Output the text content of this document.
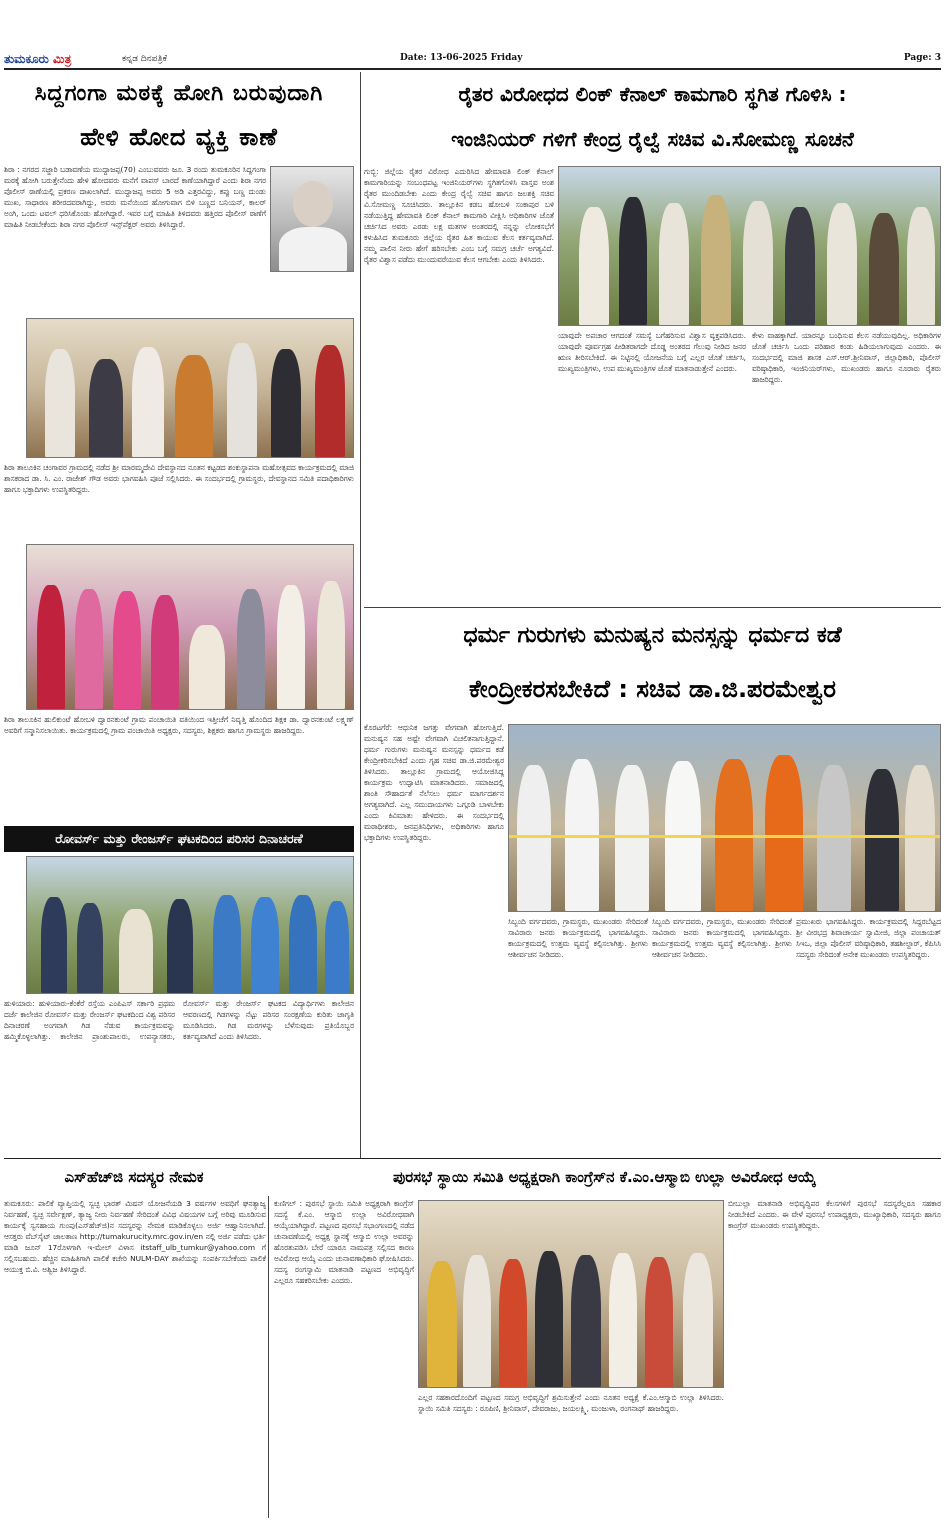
ತುಮಕೂರು ಮಿತ್ರ	ಕನ್ನಡ ದಿನಪತ್ರಿಕೆ	Date: 13-06-2025 Friday	Page: 3
ಸಿದ್ದಗಂಗಾ ಮಠಕ್ಕೆ ಹೋಗಿ ಬರುವುದಾಗಿ
ಹೇಳಿ ಹೋದ ವ್ಯಕ್ತಿ ಕಾಣೆ
ಶಿರಾ : ನಗರದ ಸಜ್ಜಾರಿ ಬಡಾವಣೆಯ ಮುದ್ದಾಜಪ್ಪ(70) ಎಂಬುವವರು ಜೂ. 3 ರಂದು ತುಮಕೂರಿನ ಸಿದ್ದಗಂಗಾ ಮಠಕ್ಕೆ ಹೋಗಿ ಬರುತ್ತೇನೆಂದು ಹೇಳಿ ಹೋದವರು ಮನೆಗೆ ವಾಪಸ್ ಬಾರದೆ ಕಾಣೆಯಾಗಿದ್ದಾರೆ ಎಂದು ಶಿರಾ ನಗರ ಪೊಲೀಸ್ ಠಾಣೆಯಲ್ಲಿ ಪ್ರಕರಣ ದಾಖಲಾಗಿದೆ. ಮುದ್ದಾಜಪ್ಪ ಅವರು 5 ಅಡಿ ಎತ್ತರವಿದ್ದು, ಕಪ್ಪು ಬಣ್ಣ ದುಂಡು ಮುಖ, ಸಾಧಾರಣ ಶರೀರದವರಾಗಿದ್ದು, ಅವರು ಮನೆಯಿಂದ ಹೋಗುವಾಗ ಬಿಳಿ ಬಣ್ಣದ ಬನಿಯನ್, ಕಾಲರ್ ಅಂಗಿ, ಒಂದು ಟವಲ್ ಧರಿಸಿಕೊಂಡು ಹೋಗಿದ್ದಾರೆ. ಇವರ ಬಗ್ಗೆ ಮಾಹಿತಿ ತಿಳಿದವರು ಹತ್ತಿರದ ಪೊಲೀಸ್ ಠಾಣೆಗೆ ಮಾಹಿತಿ ನೀಡಬೇಕೆಂದು ಶಿರಾ ನಗರ ಪೊಲೀಸ್ ಇನ್ಸ್‌ಪೆಕ್ಟರ್ ಅವರು ತಿಳಿಸಿದ್ದಾರೆ.
ಶಿರಾ ತಾಲೂಕಿನ ಚಂಗಾವರ ಗ್ರಾಮದಲ್ಲಿ ನಡೆದ ಶ್ರೀ ಮಾರಮ್ಮದೇವಿ ದೇವಸ್ಥಾನದ ನೂತನ ಕಟ್ಟಡದ ಶಂಕುಸ್ಥಾಪನಾ ಮಹೋತ್ಸವದ ಕಾರ್ಯಕ್ರಮದಲ್ಲಿ ಮಾಜಿ ಶಾಸಕರಾದ ಡಾ. ಸಿ. ಎಂ. ರಾಜೇಶ್ ಗೌಡ ಅವರು ಭಾಗವಹಿಸಿ ಪೂಜೆ ಸಲ್ಲಿಸಿದರು. ಈ ಸಂದರ್ಭದಲ್ಲಿ ಗ್ರಾಮಸ್ಥರು, ದೇವಸ್ಥಾನದ ಸಮಿತಿ ಪದಾಧಿಕಾರಿಗಳು ಹಾಗೂ ಭಕ್ತಾದಿಗಳು ಉಪಸ್ಥಿತರಿದ್ದರು.
ಶಿರಾ ತಾಲೂಕಿನ ಹುಲಿಕುಂಟೆ ಹೋಬಳಿ ದ್ವಾರನಕುಂಟೆ ಗ್ರಾಮ ಪಂಚಾಯಿತಿ ವತಿಯಿಂದ ಇತ್ತೀಚೆಗೆ ನಿವೃತ್ತಿ ಹೊಂದಿದ ಶಿಕ್ಷಕ ಡಾ. ದ್ವಾರನಕುಂಟೆ ಲಕ್ಷ್ಮಣ್ ಅವರಿಗೆ ಸನ್ಮಾನಿಸಲಾಯಿತು. ಕಾರ್ಯಕ್ರಮದಲ್ಲಿ ಗ್ರಾಮ ಪಂಚಾಯಿತಿ ಅಧ್ಯಕ್ಷರು, ಸದಸ್ಯರು, ಶಿಕ್ಷಕರು ಹಾಗೂ ಗ್ರಾಮಸ್ಥರು ಹಾಜರಿದ್ದರು.
ರೋವರ್ಸ್ ಮತ್ತು ರೇಂಜರ್ಸ್ ಘಟಕದಿಂದ ಪರಿಸರ ದಿನಾಚರಣೆ
ಹುಳಿಯಾರು: ಹುಳಿಯಾರು-ಕೆಂಕೆರೆ ರಸ್ತೆಯ ಎಂಪಿಎಸ್ ಸರ್ಕಾರಿ ಪ್ರಥಮ ದರ್ಜೆ ಕಾಲೇಜಿನ ರೋವರ್ಸ್ ಮತ್ತು ರೇಂಜರ್ಸ್ ಘಟಕದಿಂದ ವಿಶ್ವ ಪರಿಸರ ದಿನಾಚರಣೆ ಅಂಗವಾಗಿ ಗಿಡ ನೆಡುವ ಕಾರ್ಯಕ್ರಮವನ್ನು ಹಮ್ಮಿಕೊಳ್ಳಲಾಗಿತ್ತು. ಕಾಲೇಜಿನ ಪ್ರಾಂಶುಪಾಲರು, ಉಪನ್ಯಾಸಕರು, ರೋವರ್ಸ್ ಮತ್ತು ರೇಂಜರ್ಸ್ ಘಟಕದ ವಿದ್ಯಾರ್ಥಿಗಳು ಕಾಲೇಜಿನ ಆವರಣದಲ್ಲಿ ಗಿಡಗಳನ್ನು ನೆಟ್ಟು ಪರಿಸರ ಸಂರಕ್ಷಣೆಯ ಕುರಿತು ಜಾಗೃತಿ ಮೂಡಿಸಿದರು. ಗಿಡ ಮರಗಳನ್ನು ಬೆಳೆಸುವುದು ಪ್ರತಿಯೊಬ್ಬರ ಕರ್ತವ್ಯವಾಗಿದೆ ಎಂದು ತಿಳಿಸಿದರು.
ರೈತರ ವಿರೋಧದ ಲಿಂಕ್ ಕೆನಾಲ್ ಕಾಮಗಾರಿ ಸ್ಥಗಿತ ಗೊಳಿಸಿ :
ಇಂಜಿನಿಯರ್ ಗಳಿಗೆ ಕೇಂದ್ರ ರೈಲ್ವೆ ಸಚಿವ ವಿ.ಸೋಮಣ್ಣ ಸೂಚನೆ
ಗುಬ್ಬಿ: ಜಿಲ್ಲೆಯ ರೈತರ ವಿರೋಧ ಎದುರಿಸಿದ ಹೇಮಾವತಿ ಲಿಂಕ್ ಕೆನಾಲ್ ಕಾಮಗಾರಿಯನ್ನು ಸಂಬಂಧಪಟ್ಟ ಇಂಜಿನಿಯರ್‌ಗಳು ಸ್ಥಗಿತಗೊಳಿಸಿ ವಾಸ್ತವ ಅಂಶ ರೈತರ ಮುಂದಿಡಬೇಕು ಎಂದು ಕೇಂದ್ರ ರೈಲ್ವೆ ಸಚಿವ ಹಾಗೂ ಜಲಶಕ್ತಿ ಸಚಿವ ವಿ.ಸೋಮಣ್ಣ ಸೂಚಿಸಿದರು. ತಾಲ್ಲೂಕಿನ ಕಡಬ ಹೋಬಳಿ ಸಂಕಾಪುರ ಬಳಿ ನಡೆಯುತ್ತಿದ್ದ ಹೇಮಾವತಿ ಲಿಂಕ್ ಕೆನಾಲ್ ಕಾಮಗಾರಿ ವೀಕ್ಷಿಸಿ ಅಧಿಕಾರಿಗಳ ಜೊತೆ ಚರ್ಚಿಸಿದ ಅವರು ಎರಡು ಲಕ್ಷ ಮತಗಳ ಅಂತರದಲ್ಲಿ ನನ್ನನ್ನು ಲೋಕಸಭೆಗೆ ಕಳುಹಿಸಿದ ತುಮಕೂರು ಜಿಲ್ಲೆಯ ರೈತರ ಹಿತ ಕಾಯುವ ಕೆಲಸ ಕರ್ತವ್ಯವಾಗಿದೆ. ನಮ್ಮ ಪಾಲಿನ ನೀರು ಹೇಗೆ ಹರಿಸಬೇಕು ಎಂಬ ಬಗ್ಗೆ ಸಮಗ್ರ ಚರ್ಚೆ ಅಗತ್ಯವಿದೆ. ರೈತರ ವಿಶ್ವಾಸ ಪಡೆದು ಮುಂದುವರೆಯುವ ಕೆಲಸ ಆಗಬೇಕು ಎಂದು ತಿಳಿಸಿದರು.
ಯಾವುದೇ ಅಪಚಾರ ಆಗದಂತೆ ಸಮಸ್ಯೆ ಬಗೆಹರಿಸುವ ವಿಶ್ವಾಸ ವ್ಯಕ್ತಪಡಿಸಿದರು. ಯಾವುದೇ ಪೂರ್ವಗ್ರಹ ಪೀಡಿತರಾಗದೇ ದೊಡ್ಡ ಅಂತರದ ಗೆಲುವು ನೀಡಿದ ಜನರ ಋಣ ತೀರಿಸಬೇಕಿದೆ. ಈ ನಿಟ್ಟಿನಲ್ಲಿ ಯೋಜನೆಯ ಬಗ್ಗೆ ಎಲ್ಲರ ಜೊತೆ ಚರ್ಚಿಸಿ, ಮುಖ್ಯಮಂತ್ರಿಗಳು, ಉಪ ಮುಖ್ಯಮಂತ್ರಿಗಳ ಜೊತೆ ಮಾತನಾಡುತ್ತೇನೆ ಎಂದರು.
ಕೇಳು ವಾಹಕ್ಕಾಗಿದೆ. ಯಾರನ್ನೂ ಬಂಧಿಸುವ ಕೆಲಸ ನಡೆಯುವುದಿಲ್ಲ. ಅಧಿಕಾರಿಗಳ ಜೊತೆ ಚರ್ಚಿಸಿ ಒಂದು ಪರಿಹಾರ ಕಂಡು ಹಿಡಿಯಲಾಗುವುದು ಎಂದರು. ಈ ಸಂದರ್ಭದಲ್ಲಿ ಮಾಜಿ ಶಾಸಕ ಎಸ್.ಆರ್.ಶ್ರೀನಿವಾಸ್, ಜಿಲ್ಲಾಧಿಕಾರಿ, ಪೊಲೀಸ್ ವರಿಷ್ಠಾಧಿಕಾರಿ, ಇಂಜಿನಿಯರ್‌ಗಳು, ಮುಖಂಡರು ಹಾಗೂ ನೂರಾರು ರೈತರು ಹಾಜರಿದ್ದರು.
ಧರ್ಮ ಗುರುಗಳು ಮನುಷ್ಯನ ಮನಸ್ಸನ್ನು ಧರ್ಮದ ಕಡೆ
ಕೇಂದ್ರೀಕರಸಬೇಕಿದೆ : ಸಚಿವ ಡಾ.ಜಿ.ಪರಮೇಶ್ವರ
ಕೊರಟಗೆರೆ: ಆಧುನಿಕ ಜಗತ್ತು ವೇಗವಾಗಿ ಹೋಗುತ್ತಿದೆ. ಮನುಷ್ಯನ ಸಹ ಅಷ್ಟೇ ವೇಗವಾಗಿ ವಿಚಲಿತನಾಗುತ್ತಿದ್ದಾನೆ. ಧರ್ಮ ಗುರುಗಳು ಮನುಷ್ಯನ ಮನಸ್ಸನ್ನು ಧರ್ಮದ ಕಡೆ ಕೇಂದ್ರೀಕರಿಸಬೇಕಿದೆ ಎಂದು ಗೃಹ ಸಚಿವ ಡಾ.ಜಿ.ಪರಮೇಶ್ವರ ತಿಳಿಸಿದರು. ತಾಲ್ಲೂಕಿನ ಗ್ರಾಮದಲ್ಲಿ ಆಯೋಜಿಸಿದ್ದ ಕಾರ್ಯಕ್ರಮ ಉದ್ಘಾಟಿಸಿ ಮಾತನಾಡಿದರು. ಸಮಾಜದಲ್ಲಿ ಶಾಂತಿ ಸೌಹಾರ್ದತೆ ನೆಲೆಸಲು ಧರ್ಮ ಮಾರ್ಗದರ್ಶನ ಅಗತ್ಯವಾಗಿದೆ. ಎಲ್ಲ ಸಮುದಾಯಗಳು ಒಗ್ಗೂಡಿ ಬಾಳಬೇಕು ಎಂದು ಕಿವಿಮಾತು ಹೇಳಿದರು. ಈ ಸಂದರ್ಭದಲ್ಲಿ ಮಠಾಧೀಶರು, ಜನಪ್ರತಿನಿಧಿಗಳು, ಅಧಿಕಾರಿಗಳು ಹಾಗೂ ಭಕ್ತಾದಿಗಳು ಉಪಸ್ಥಿತರಿದ್ದರು.
ಸಿಬ್ಬಂದಿ ವರ್ಗದವರು, ಗ್ರಾಮಸ್ಥರು, ಮುಖಂಡರು ಸೇರಿದಂತೆ ಸಾವಿರಾರು ಜನರು ಕಾರ್ಯಕ್ರಮದಲ್ಲಿ ಭಾಗವಹಿಸಿದ್ದರು. ಕಾರ್ಯಕ್ರಮದಲ್ಲಿ ಉತ್ತಮ ವ್ಯವಸ್ಥೆ ಕಲ್ಪಿಸಲಾಗಿತ್ತು. ಶ್ರೀಗಳು ಆಶೀರ್ವಚನ ನೀಡಿದರು.
ಸಿಬ್ಬಂದಿ ವರ್ಗದವರು, ಗ್ರಾಮಸ್ಥರು, ಮುಖಂಡರು ಸೇರಿದಂತೆ ಸಾವಿರಾರು ಜನರು ಕಾರ್ಯಕ್ರಮದಲ್ಲಿ ಭಾಗವಹಿಸಿದ್ದರು. ಕಾರ್ಯಕ್ರಮದಲ್ಲಿ ಉತ್ತಮ ವ್ಯವಸ್ಥೆ ಕಲ್ಪಿಸಲಾಗಿತ್ತು. ಶ್ರೀಗಳು ಆಶೀರ್ವಚನ ನೀಡಿದರು.
ಪ್ರಮುಖರು ಭಾಗವಹಿಸಿದ್ದರು. ಕಾರ್ಯಕ್ರಮದಲ್ಲಿ ಸಿದ್ದರಬೆಟ್ಟದ ಶ್ರೀ ವೀರಭದ್ರ ಶಿವಾಚಾರ್ಯ ಸ್ವಾಮೀಜಿ, ಜಿಲ್ಲಾ ಪಂಚಾಯತ್ ಸಿಇಒ, ಜಿಲ್ಲಾ ಪೊಲೀಸ್ ವರಿಷ್ಠಾಧಿಕಾರಿ, ತಹಶೀಲ್ದಾರ್, ಕೆಪಿಸಿಸಿ ಸದಸ್ಯರು ಸೇರಿದಂತೆ ಅನೇಕ ಮುಖಂಡರು ಉಪಸ್ಥಿತರಿದ್ದರು.
ಎಸ್‌ಹೆಚ್‌ಜಿ ಸದಸ್ಯರ ನೇಮಕ	ಪುರಸಭೆ ಸ್ಥಾಯಿ ಸಮಿತಿ ಅಧ್ಯಕ್ಷರಾಗಿ ಕಾಂಗ್ರೆಸ್‌ನ ಕೆ.ಎಂ.ಆಸ್ಮಾಬಿ ಉಲ್ಲಾ ಅವಿರೋಧ ಆಯ್ಕೆ
ತುಮಕೂರು: ಪಾಲಿಕೆ ವ್ಯಾಪ್ತಿಯಲ್ಲಿ ಸ್ವಚ್ಛ ಭಾರತ್ ಮಿಷನ್ ಯೋಜನೆಯಡಿ 3 ವರ್ಷಗಳ ಅವಧಿಗೆ ಘನತ್ಯಾಜ್ಯ ನಿರ್ವಹಣೆ, ಸ್ವಚ್ಛ ಸರ್ವೇಕ್ಷಣ್, ತ್ಯಾಜ್ಯ ನೀರು ನಿರ್ವಹಣೆ ಸೇರಿದಂತೆ ವಿವಿಧ ವಿಷಯಗಳ ಬಗ್ಗೆ ಅರಿವು ಮೂಡಿಸುವ ಕಾರ್ಯಕ್ಕೆ ಸ್ವಸಹಾಯ ಗುಂಪು(ಎಸ್‌ಹೆಚ್‌ಜಿ)ನ ಸದಸ್ಯರನ್ನು ನೇಮಕ ಮಾಡಿಕೊಳ್ಳಲು ಅರ್ಜಿ ಆಹ್ವಾನಿಸಲಾಗಿದೆ. ಆಸಕ್ತರು ವೆಬ್‌ಸೈಟ್ ಜಾಲತಾಣ http://tumakurucity.mrc.gov.in/en ನಲ್ಲಿ ಅರ್ಜಿ ಪಡೆದು ಭರ್ತಿ ಮಾಡಿ ಜೂನ್ 17ರೊಳಗಾಗಿ ಇ-ಮೇಲ್ ವಿಳಾಸ itstaff_ulb_tumkur@yahoo.com ಗೆ ಸಲ್ಲಿಸಬಹುದು. ಹೆಚ್ಚಿನ ಮಾಹಿತಿಗಾಗಿ ಪಾಲಿಕೆ ಕಚೇರಿ NULM-DAY ಶಾಖೆಯನ್ನು ಸಂಪರ್ಕಿಸಬೇಕೆಂದು ಪಾಲಿಕೆ ಆಯುಕ್ತ ಬಿ.ವಿ. ಅಶ್ವಿಜ ತಿಳಿಸಿದ್ದಾರೆ.
ಕುಣಿಗಲ್ : ಪುರಸಭೆ ಸ್ಥಾಯಿ ಸಮಿತಿ ಅಧ್ಯಕ್ಷರಾಗಿ ಕಾಂಗ್ರೆಸ್ ಸದಸ್ಯೆ ಕೆ.ಎಂ. ಆಸ್ಮಾಬಿ ಉಲ್ಲಾ ಅವಿರೋಧವಾಗಿ ಆಯ್ಕೆಯಾಗಿದ್ದಾರೆ. ಪಟ್ಟಣದ ಪುರಸಭೆ ಸಭಾಂಗಣದಲ್ಲಿ ನಡೆದ ಚುನಾವಣೆಯಲ್ಲಿ ಅಧ್ಯಕ್ಷ ಸ್ಥಾನಕ್ಕೆ ಆಸ್ಮಾಬಿ ಉಲ್ಲಾ ಅವರನ್ನು ಹೊರತುಪಡಿಸಿ ಬೇರೆ ಯಾರೂ ನಾಮಪತ್ರ ಸಲ್ಲಿಸದ ಕಾರಣ ಅವಿರೋಧ ಆಯ್ಕೆ ಎಂದು ಚುನಾವಣಾಧಿಕಾರಿ ಘೋಷಿಸಿದರು. ಸದಸ್ಯ ರಂಗಸ್ವಾಮಿ ಮಾತನಾಡಿ ಪಟ್ಟಣದ ಅಭಿವೃದ್ಧಿಗೆ ಎಲ್ಲರೂ ಸಹಕರಿಸಬೇಕು ಎಂದರು.
ಎಲ್ಲರ ಸಹಕಾರದೊಂದಿಗೆ ಪಟ್ಟಣದ ಸಮಗ್ರ ಅಭಿವೃದ್ಧಿಗೆ ಶ್ರಮಿಸುತ್ತೇನೆ ಎಂದು ನೂತನ ಅಧ್ಯಕ್ಷೆ ಕೆ.ಎಂ.ಆಸ್ಮಾಬಿ ಉಲ್ಲಾ ತಿಳಿಸಿದರು. ಸ್ಥಾಯಿ ಸಮಿತಿ ಸದಸ್ಯರು : ರೂಪಿಣಿ, ಶ್ರೀನಿವಾಸ್, ದೇವರಾಜು, ಜಯಲಕ್ಷ್ಮಿ, ಮಂಜುಳಾ, ರಂಗನಾಥ್ ಹಾಜರಿದ್ದರು.
ಬೀಬುಲ್ಲಾ ಮಾತನಾಡಿ ಅಭಿವೃದ್ಧಿಪರ ಕೆಲಸಗಳಿಗೆ ಪುರಸಭೆ ಸದಸ್ಯರೆಲ್ಲರೂ ಸಹಕಾರ ನೀಡಬೇಕಿದೆ ಎಂದರು. ಈ ವೇಳೆ ಪುರಸಭೆ ಉಪಾಧ್ಯಕ್ಷರು, ಮುಖ್ಯಾಧಿಕಾರಿ, ಸದಸ್ಯರು ಹಾಗೂ ಕಾಂಗ್ರೆಸ್ ಮುಖಂಡರು ಉಪಸ್ಥಿತರಿದ್ದರು.
